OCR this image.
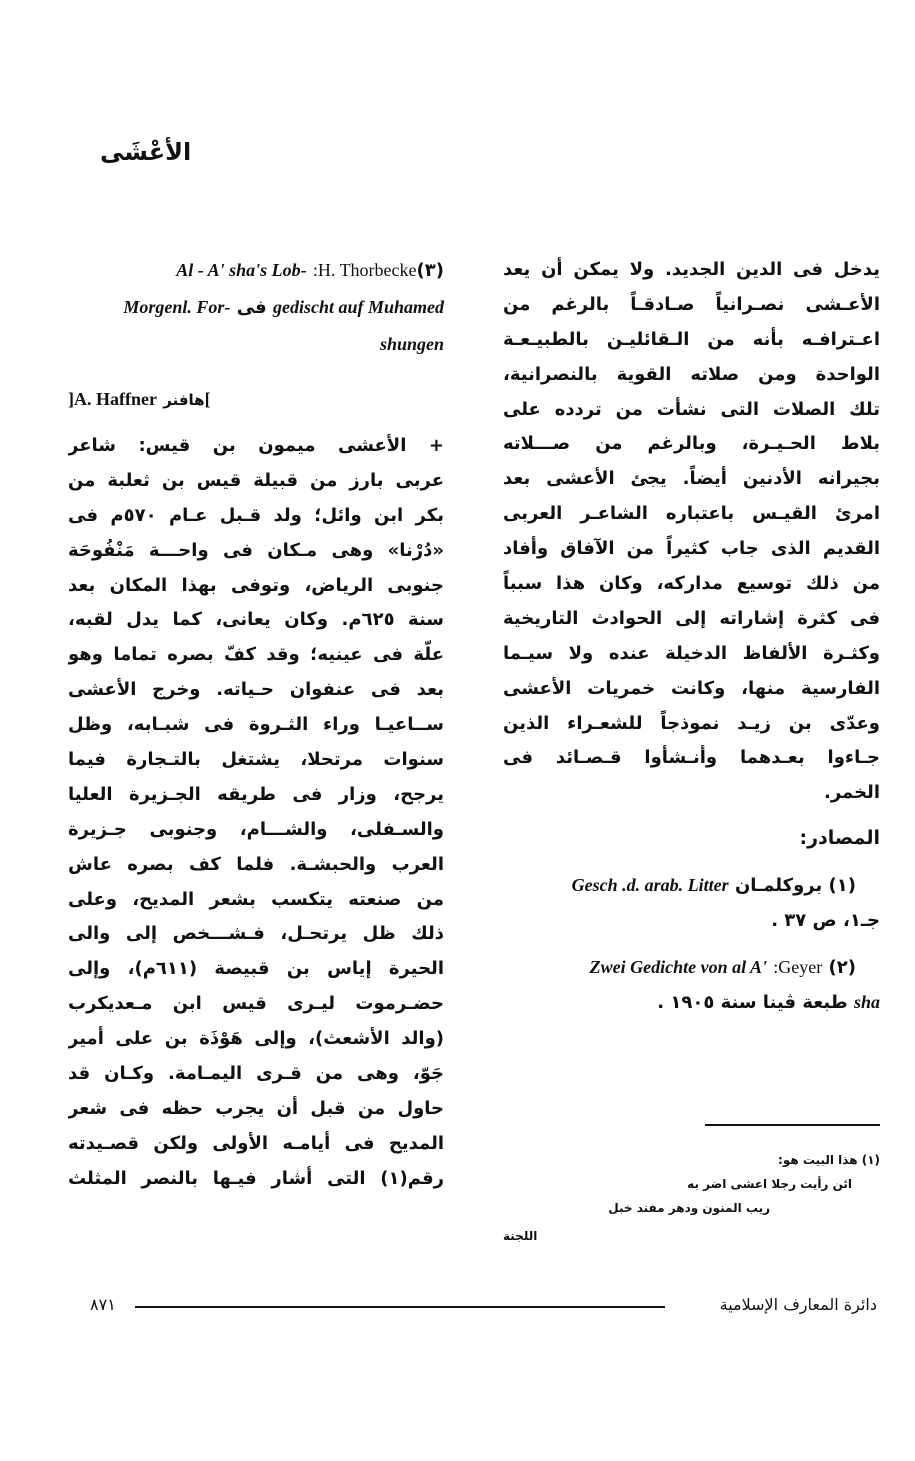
الأعْشَى
يدخل فى الدين الجديد. ولا يمكن أن يعد
الأعـشى نصـرانياً صـادقـاً بالرغم من
اعـترافـه بأنه من الـقائليـن بالطبيـعـة
الواحدة ومن صلاته القوية بالنصرانية،
تلك الصلات التى نشأت من تردده على
بلاط الحـيـرة، وبالرغم من صـــلاته
بجيرانه الأدنين أيضاً. يجئ الأعشى بعد
امرئ القيـس باعتباره الشاعـر العربى
القديم الذى جاب كثيراً من الآفاق وأفاد
من ذلك توسيع مداركه، وكان هذا سبباً
فى كثرة إشاراته إلى الحوادث التاريخية
وكثـرة الألفاظ الدخيلة عنده ولا سيـما
الفارسية منها، وكانت خمريات الأعشى
وعدّى بن زيـد نموذجاً للشعـراء الذين
جـاءوا بعـدهما وأنـشأوا قـصـائد فى
الخمر.
المصادر:
(١) بروكلمـان Gesch .d. arab. Litter
جـ١، ص ٣٧ .
(٢) :Geyer Zwei Gedichte von al A'
sha طبعة ڤينا سنة ١٩٠٥ .
(١) هذا البيت هو:
ائن رأيت رجلا اعشى اضر به
ريب المنون ودهر مفند خبل
اللجنة
(٣):H. Thorbecke Al - A' sha's Lob-
gedischt auf Muhamed فى Morgenl. For-
shungen
]هافنر A. Haffner[
+ الأعشى ميمون بن قيس: شاعر
عربى بارز من قبيلة قيس بن ثعلبة من
بكر ابن وائل؛ ولد قـبل عـام ٥٧٠م فى
«دُرْنا» وهى مـكان فى واحـــة مَنْفُوحَة
جنوبى الرياض، وتوفى بهذا المكان بعد
سنة ٦٢٥م. وكان يعانى، كما يدل لقبه،
علّة فى عينيه؛ وقد كفّ بصره تماما وهو
بعد فى عنفوان حـياته. وخرج الأعشى
ســاعيـا وراء الثـروة فى شبـابه، وظل
سنوات مرتحلا، يشتغل بالتـجارة فيما
يرجح، وزار فى طريقه الجـزيرة العليا
والسـفلى، والشـــام، وجنوبى جـزيرة
العرب والحبشـة. فلما كف بصره عاش
من صنعته يتكسب بشعر المديح، وعلى
ذلك ظل يرتحـل، فـشـــخص إلى والى
الحيرة إياس بن قبيصة (٦١١م)، وإلى
حضـرموت ليـرى قيس ابن مـعديكرب
(والد الأشعث)، وإلى هَوْذَة بن على أمير
جَوّ، وهى من قـرى اليمـامة. وكـان قد
حاول من قبل أن يجرب حظه فى شعر
المديح فى أيامـه الأولى ولكن قصـيدته
رقم(١) التى أشار فيـها بالنصر المثلث
دائرة المعارف الإسلامية
٨٧١
